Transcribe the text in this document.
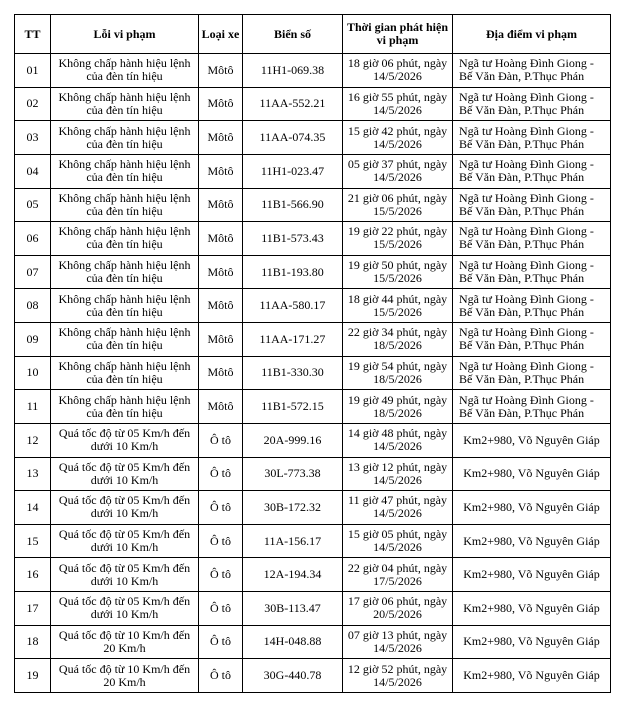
TT	Lỗi vi phạm	Loại xe	Biển số	Thời gian phát hiện vi phạm	Địa điểm vi phạm
01	Không chấp hành hiệu lệnh của đèn tín hiệu	Môtô	11H1-069.38	18 giờ 06 phút, ngày 14/5/2026	Ngã tư Hoàng Đình Giong - Bế Văn Đàn, P.Thục Phán
02	Không chấp hành hiệu lệnh của đèn tín hiệu	Môtô	11AA-552.21	16 giờ 55 phút, ngày 14/5/2026	Ngã tư Hoàng Đình Giong - Bế Văn Đàn, P.Thục Phán
03	Không chấp hành hiệu lệnh của đèn tín hiệu	Môtô	11AA-074.35	15 giờ 42 phút, ngày 14/5/2026	Ngã tư Hoàng Đình Giong - Bế Văn Đàn, P.Thục Phán
04	Không chấp hành hiệu lệnh của đèn tín hiệu	Môtô	11H1-023.47	05 giờ 37 phút, ngày 14/5/2026	Ngã tư Hoàng Đình Giong - Bế Văn Đàn, P.Thục Phán
05	Không chấp hành hiệu lệnh của đèn tín hiệu	Môtô	11B1-566.90	21 giờ 06 phút, ngày 15/5/2026	Ngã tư Hoàng Đình Giong - Bế Văn Đàn, P.Thục Phán
06	Không chấp hành hiệu lệnh của đèn tín hiệu	Môtô	11B1-573.43	19 giờ 22 phút, ngày 15/5/2026	Ngã tư Hoàng Đình Giong - Bế Văn Đàn, P.Thục Phán
07	Không chấp hành hiệu lệnh của đèn tín hiệu	Môtô	11B1-193.80	19 giờ 50 phút, ngày 15/5/2026	Ngã tư Hoàng Đình Giong - Bế Văn Đàn, P.Thục Phán
08	Không chấp hành hiệu lệnh của đèn tín hiệu	Môtô	11AA-580.17	18 giờ 44 phút, ngày 15/5/2026	Ngã tư Hoàng Đình Giong - Bế Văn Đàn, P.Thục Phán
09	Không chấp hành hiệu lệnh của đèn tín hiệu	Môtô	11AA-171.27	22 giờ 34 phút, ngày 18/5/2026	Ngã tư Hoàng Đình Giong - Bế Văn Đàn, P.Thục Phán
10	Không chấp hành hiệu lệnh của đèn tín hiệu	Môtô	11B1-330.30	19 giờ 54 phút, ngày 18/5/2026	Ngã tư Hoàng Đình Giong - Bế Văn Đàn, P.Thục Phán
11	Không chấp hành hiệu lệnh của đèn tín hiệu	Môtô	11B1-572.15	19 giờ 49 phút, ngày 18/5/2026	Ngã tư Hoàng Đình Giong - Bế Văn Đàn, P.Thục Phán
12	Quá tốc độ từ 05 Km/h đến dưới 10 Km/h	Ô tô	20A-999.16	14 giờ 48 phút, ngày 14/5/2026	Km2+980, Võ Nguyên Giáp
13	Quá tốc độ từ 05 Km/h đến dưới 10 Km/h	Ô tô	30L-773.38	13 giờ 12 phút, ngày 14/5/2026	Km2+980, Võ Nguyên Giáp
14	Quá tốc độ từ 05 Km/h đến dưới 10 Km/h	Ô tô	30B-172.32	11 giờ 47 phút, ngày 14/5/2026	Km2+980, Võ Nguyên Giáp
15	Quá tốc độ từ 05 Km/h đến dưới 10 Km/h	Ô tô	11A-156.17	15 giờ 05 phút, ngày 14/5/2026	Km2+980, Võ Nguyên Giáp
16	Quá tốc độ từ 05 Km/h đến dưới 10 Km/h	Ô tô	12A-194.34	22 giờ 04 phút, ngày 17/5/2026	Km2+980, Võ Nguyên Giáp
17	Quá tốc độ từ 05 Km/h đến dưới 10 Km/h	Ô tô	30B-113.47	17 giờ 06 phút, ngày 20/5/2026	Km2+980, Võ Nguyên Giáp
18	Quá tốc độ từ 10 Km/h đến 20 Km/h	Ô tô	14H-048.88	07 giờ 13 phút, ngày 14/5/2026	Km2+980, Võ Nguyên Giáp
19	Quá tốc độ từ 10 Km/h đến 20 Km/h	Ô tô	30G-440.78	12 giờ 52 phút, ngày 14/5/2026	Km2+980, Võ Nguyên Giáp
